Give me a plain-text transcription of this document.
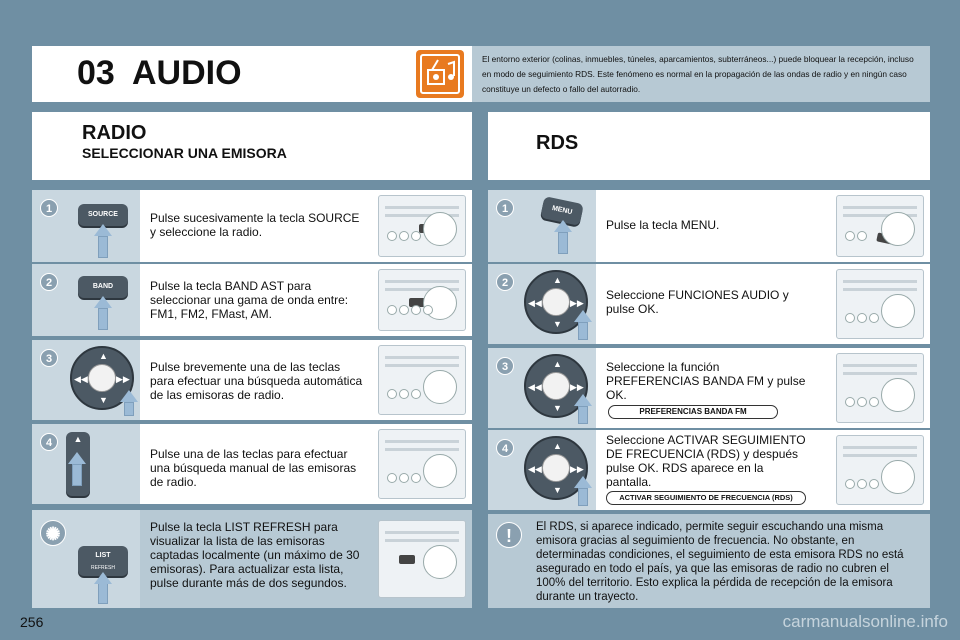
03 AUDIO	El entorno exterior (colinas, inmuebles, túneles, aparcamientos, subterráneos...) puede bloquear la recepción, incluso en modo de seguimiento RDS. Este fenómeno es normal en la propagación de las ondas de radio y en ningún caso constituye un defecto o fallo del autorradio.
RADIO
SELECCIONAR UNA EMISORA	RDS
1	SOURCE	Pulse sucesivamente la tecla SOURCE y seleccione la radio.
2	BAND	Pulse la tecla BAND AST para seleccionar una gama de onda entre: FM1, FM2, FMast, AM.
3	▲
▼
◀◀	▶▶
Pulse brevemente una de las teclas para efectuar una búsqueda automática de las emisoras de radio.
4	▲

Pulse una de las teclas para efectuar una búsqueda manual de las emisoras de radio.
✺
LIST
REFRESH
Pulse la tecla LIST REFRESH para visualizar la lista de las emisoras captadas localmente (un máximo de 30 emisoras). Para actualizar esta lista, pulse durante más de dos segundos.
1	MENU
Pulse la tecla MENU.
2	▲
▼
◀◀	▶▶
Seleccione FUNCIONES AUDIO y pulse OK.
3	▲
▼
◀◀	▶▶
Seleccione la función PREFERENCIAS BANDA FM y pulse OK.
PREFERENCIAS BANDA FM
4	▲
▼
◀◀	▶▶
Seleccione ACTIVAR SEGUIMIENTO DE FRECUENCIA (RDS) y después pulse OK. RDS aparece en la pantalla.
ACTIVAR SEGUIMIENTO DE FRECUENCIA (RDS)
!	El RDS, si aparece indicado, permite seguir escuchando una misma emisora gracias al seguimiento de frecuencia. No obstante, en determinadas condiciones, el seguimiento de esta emisora RDS no está asegurado en todo el país, ya que las emisoras de radio no cubren el 100% del territorio. Esto explica la pérdida de recepción de la emisora durante un trayecto.
256	carmanualsonline.info
